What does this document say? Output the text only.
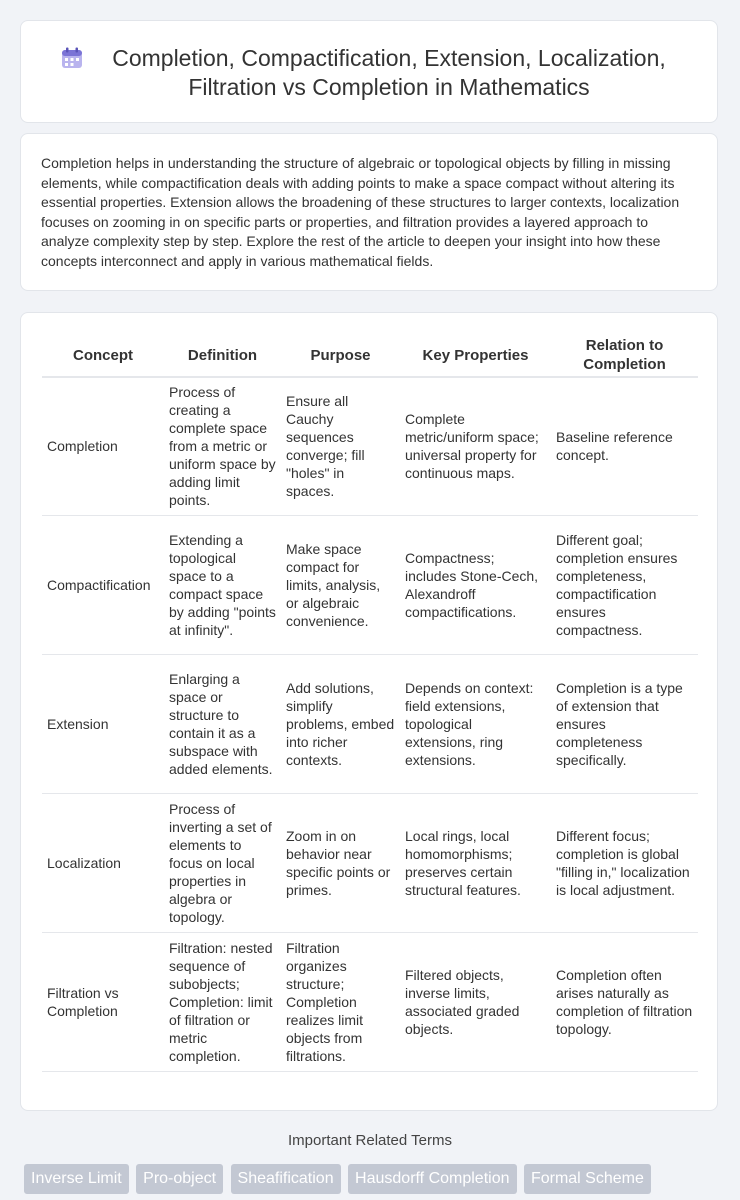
Completion, Compactification, Extension, Localization, Filtration vs Completion in Mathematics

Completion helps in understanding the structure of algebraic or topological objects by filling in missing elements, while compactification deals with adding points to make a space compact without altering its essential properties. Extension allows the broadening of these structures to larger contexts, localization focuses on zooming in on specific parts or properties, and filtration provides a layered approach to analyze complexity step by step. Explore the rest of the article to deepen your insight into how these concepts interconnect and apply in various mathematical fields.

Concept	Definition	Purpose	Key Properties	Relation to Completion
Completion	Process of creating a complete space from a metric or uniform space by adding limit points.	Ensure all Cauchy sequences converge; fill "holes" in spaces.	Complete metric/uniform space; universal property for continuous maps.	Baseline reference concept.
Compactification	Extending a topological space to a compact space by adding "points at infinity".	Make space compact for limits, analysis, or algebraic convenience.	Compactness; includes Stone-Cech, Alexandroff compactifications.	Different goal; completion ensures completeness, compactification ensures compactness.
Extension	Enlarging a space or structure to contain it as a subspace with added elements.	Add solutions, simplify problems, embed into richer contexts.	Depends on context: field extensions, topological extensions, ring extensions.	Completion is a type of extension that ensures completeness specifically.
Localization	Process of inverting a set of elements to focus on local properties in algebra or topology.	Zoom in on behavior near specific points or primes.	Local rings, local homomorphisms; preserves certain structural features.	Different focus; completion is global "filling in," localization is local adjustment.
Filtration vs Completion	Filtration: nested sequence of subobjects; Completion: limit of filtration or metric completion.	Filtration organizes structure; Completion realizes limit objects from filtrations.	Filtered objects, inverse limits, associated graded objects.	Completion often arises naturally as completion of filtration topology.
Important Related Terms
Inverse Limit Pro-object Sheafification Hausdorff Completion Formal Scheme
